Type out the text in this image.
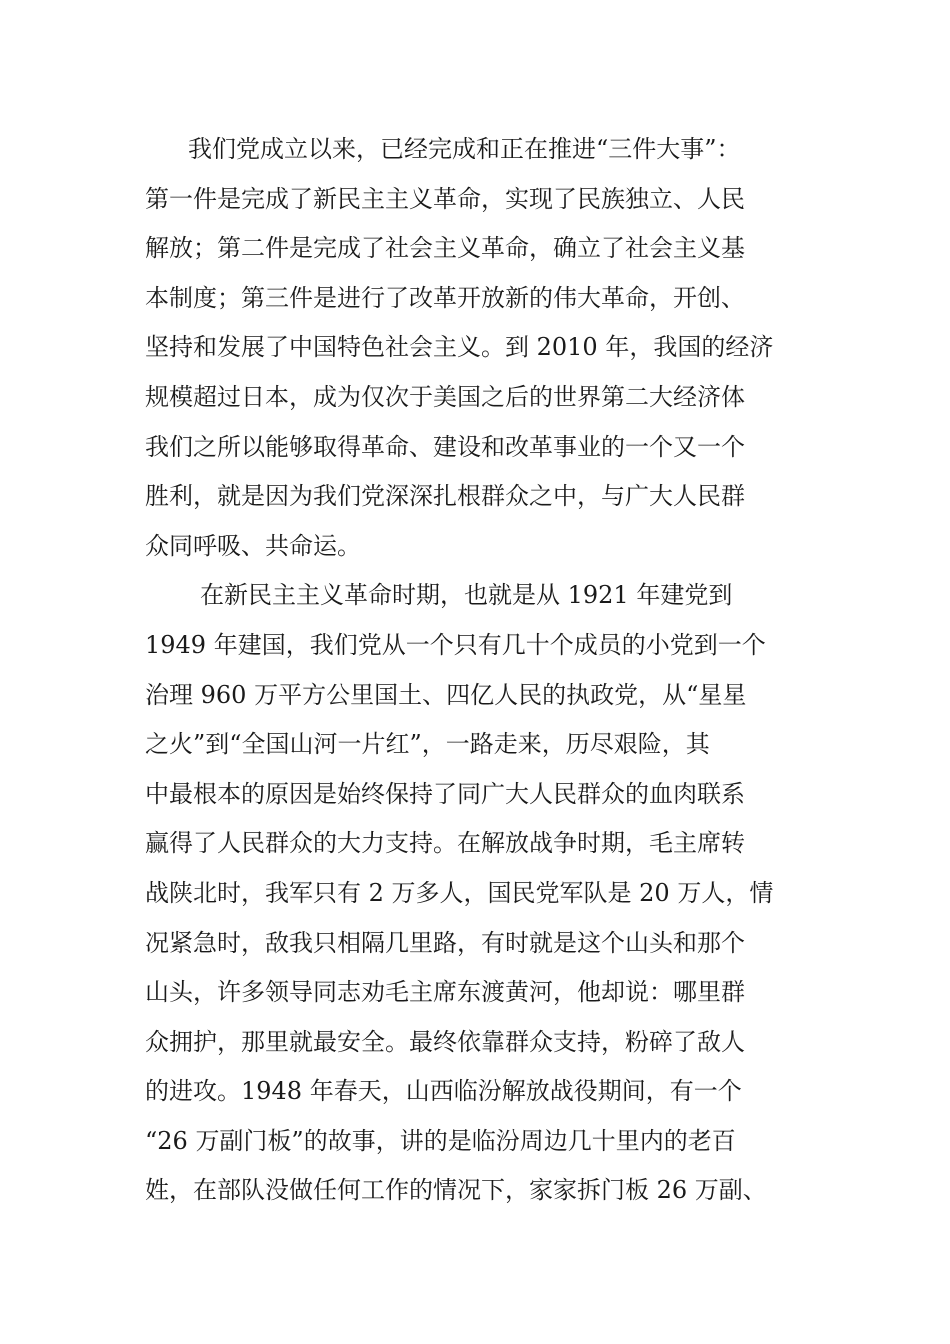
我们党成立以来，已经完成和正在推进“三件大事”：
第一件是完成了新民主主义革命，实现了民族独立、人民
解放；第二件是完成了社会主义革命，确立了社会主义基
本制度；第三件是进行了改革开放新的伟大革命，开创、
坚持和发展了中国特色社会主义。到 2010 年，我国的经济
规模超过日本，成为仅次于美国之后的世界第二大经济体
我们之所以能够取得革命、建设和改革事业的一个又一个
胜利，就是因为我们党深深扎根群众之中，与广大人民群
众同呼吸、共命运。
在新民主主义革命时期，也就是从 1921 年建党到
1949 年建国，我们党从一个只有几十个成员的小党到一个
治理 960 万平方公里国土、四亿人民的执政党，从“星星
之火”到“全国山河一片红”，一路走来，历尽艰险，其
中最根本的原因是始终保持了同广大人民群众的血肉联系
赢得了人民群众的大力支持。在解放战争时期，毛主席转
战陕北时，我军只有 2 万多人，国民党军队是 20 万人，情
况紧急时，敌我只相隔几里路，有时就是这个山头和那个
山头，许多领导同志劝毛主席东渡黄河，他却说：哪里群
众拥护，那里就最安全。最终依靠群众支持，粉碎了敌人
的进攻。1948 年春天，山西临汾解放战役期间，有一个
“26 万副门板”的故事，讲的是临汾周边几十里内的老百
姓，在部队没做任何工作的情况下，家家拆门板 26 万副、
